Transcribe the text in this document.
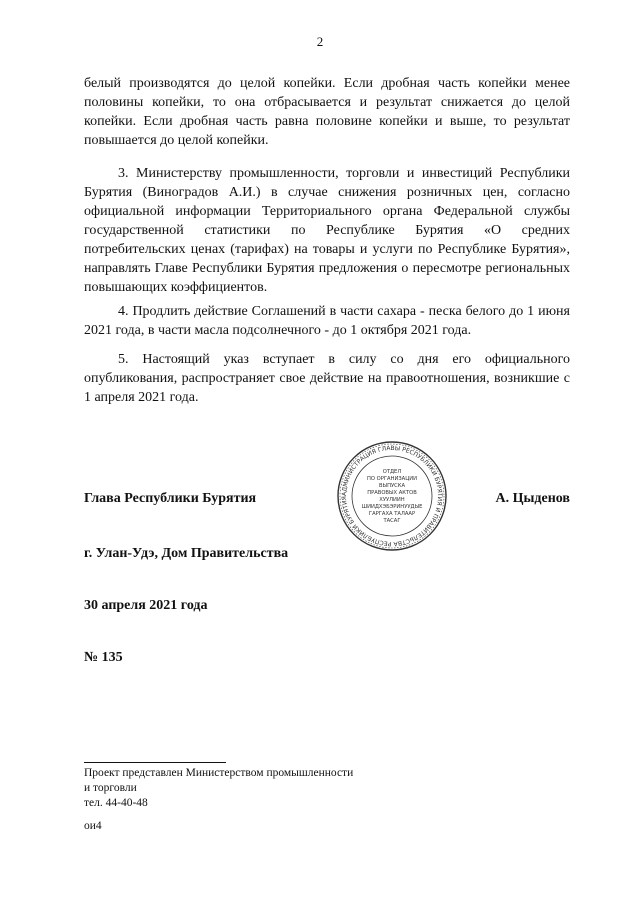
2

белый производятся до целой копейки. Если дробная часть копейки менее половины копейки, то она отбрасывается и результат снижается до целой копейки. Если дробная часть равна половине копейки и выше, то результат повышается до целой копейки.

3. Министерству промышленности, торговли и инвестиций Республики Бурятия (Виноградов А.И.) в случае снижения розничных цен, согласно официальной информации Территориального органа Федеральной службы государственной статистики по Республике Бурятия «О средних потребительских ценах (тарифах) на товары и услуги по Республике Бурятия», направлять Главе Республики Бурятия предложения о пересмотре региональных повышающих коэффициентов.

4. Продлить действие Соглашений в части сахара - песка белого до 1 июня 2021 года, в части масла подсолнечного - до 1 октября 2021 года.

5. Настоящий указ вступает в силу со дня его официального опубликования, распространяет свое действие на правоотношения, возникшие с 1 апреля 2021 года.

АДМИНИСТРАЦИЯ ГЛАВЫ РЕСПУБЛИКИ БУРЯТИЯ И ПРАВИТЕЛЬСТВА РЕСПУБЛИКИ БУРЯТИЯ
ОТДЕЛ
ПО ОРГАНИЗАЦИИ
ВЫПУСКА
ПРАВОВЫХ АКТОВ
ХУУЛИИН
ШИИДХЭБЭРИНУУДЫЕ
ГАРГАХА ТАЛААР
ТАСАГ
Глава Республики Бурятия	А. Цыденов
г. Улан-Удэ, Дом Правительства
30 апреля 2021 года
№ 135
Проект представлен Министерством промышленности
и торговли
тел. 44-40-48
ои4
